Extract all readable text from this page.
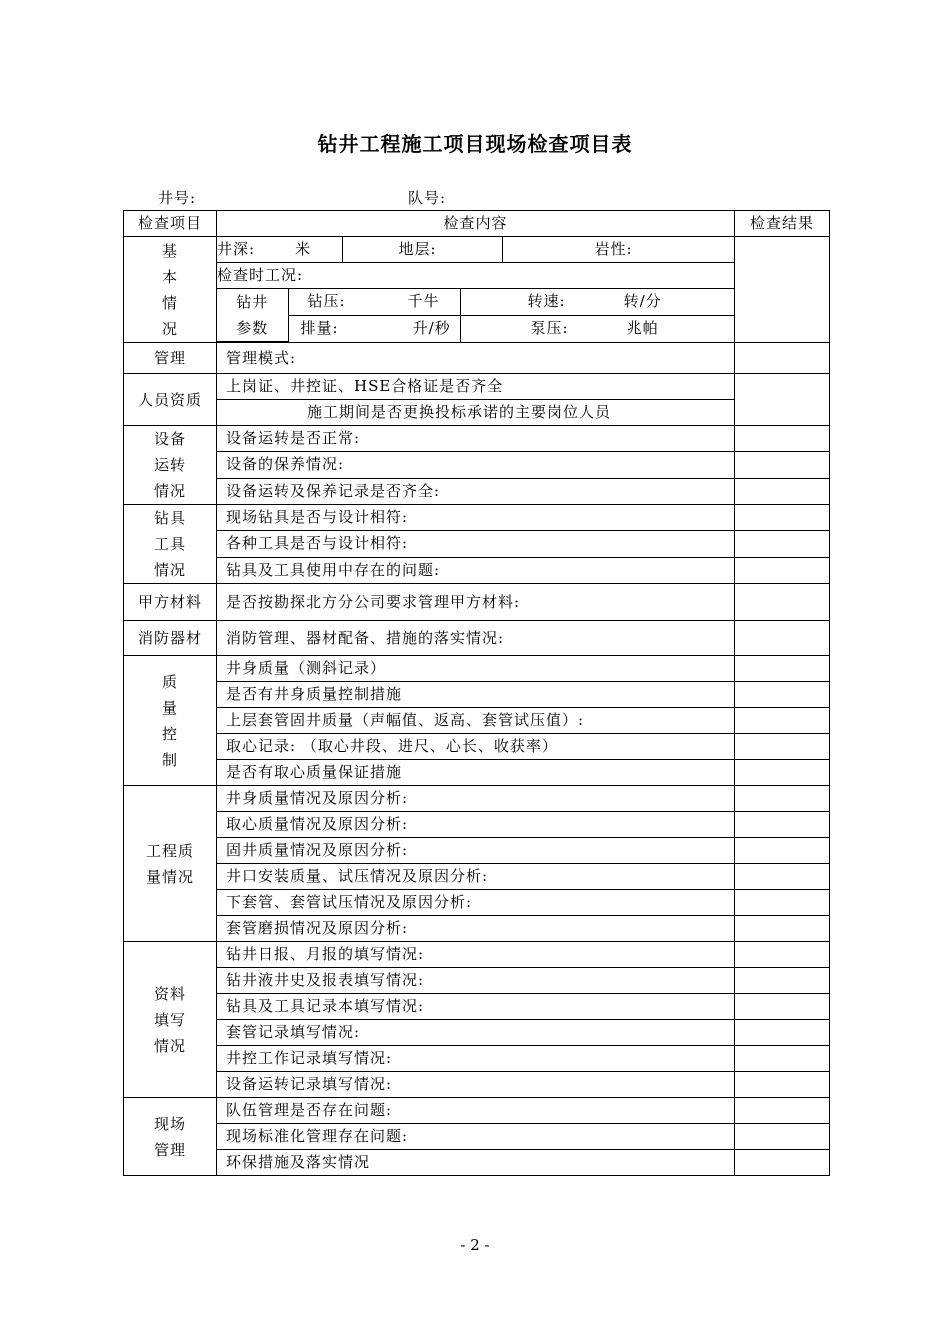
钻井工程施工项目现场检查项目表
井号:	队号:
检查项目	检查内容	检查结果

基
本
情
况

井深:	米	地层:	岩性:
检查时工况:
钻井
参数
	钻压:	千牛	转速:	转/分
排量:	升/秒	泵压:	兆帕

管理	管理模式:	
人员资质	上岗证、井控证、HSE合格证是否齐全	
施工期间是否更换投标承诺的主要岗位人员

设备
运转
情况
	设备运转是否正常:	
设备的保养情况:	
设备运转及保养记录是否齐全:	

钻具
工具
情况
	现场钻具是否与设计相符:	
各种工具是否与设计相符:	
钻具及工具使用中存在的问题:	
甲方材料	是否按勘探北方分公司要求管理甲方材料:	
消防器材	消防管理、器材配备、措施的落实情况:	

质
量
控
制
	井身质量（测斜记录）	
是否有井身质量控制措施	
上层套管固井质量（声幅值、返高、套管试压值）:	
取心记录: （取心井段、进尺、心长、收获率）	
是否有取心质量保证措施	

工程质
量情况
	井身质量情况及原因分析:	
取心质量情况及原因分析:	
固井质量情况及原因分析:	
井口安装质量、试压情况及原因分析:	
下套管、套管试压情况及原因分析:	
套管磨损情况及原因分析:	

资料
填写
情况
	钻井日报、月报的填写情况:	
钻井液井史及报表填写情况:	
钻具及工具记录本填写情况:	
套管记录填写情况:	
井控工作记录填写情况:	
设备运转记录填写情况:	

现场
管理
	队伍管理是否存在问题:	
现场标准化管理存在问题:	
环保措施及落实情况	
- 2 -
